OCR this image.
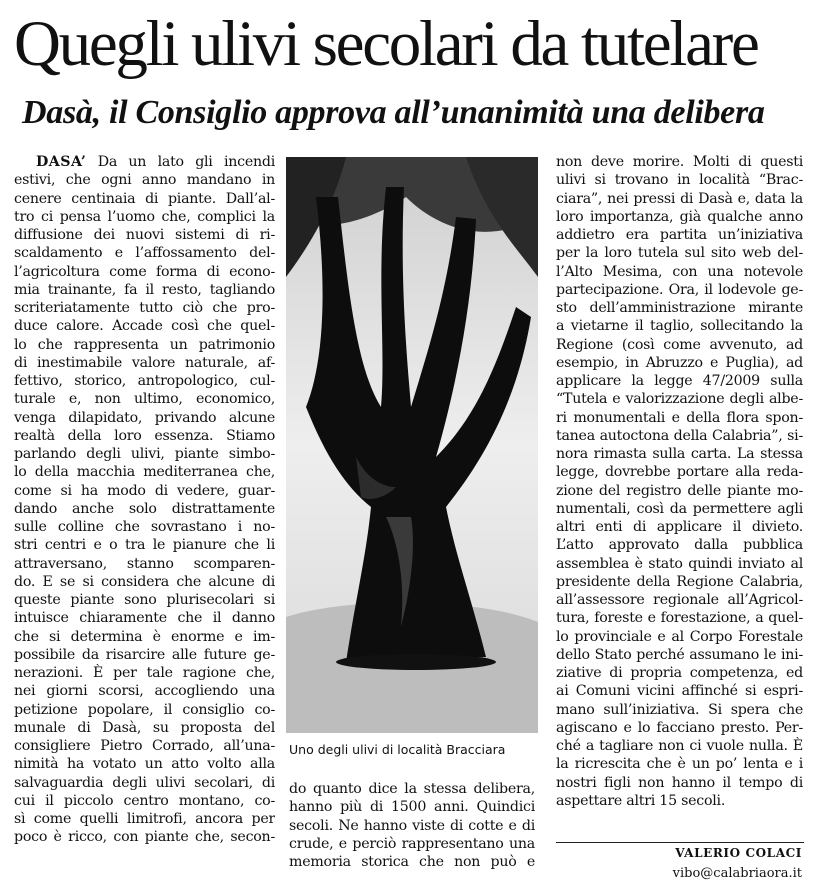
Quegli ulivi secolari da tutelare
Dasà, il Consiglio approva all’unanimità una delibera
DASA’ Da un lato gli incendi
estivi, che ogni anno mandano in
cenere centinaia di piante. Dall’al-
tro ci pensa l’uomo che, complici la
diffusione dei nuovi sistemi di ri-
scaldamento e l’affossamento del-
l’agricoltura come forma di econo-
mia trainante, fa il resto, tagliando
scriteriatamente tutto ciò che pro-
duce calore. Accade così che quel-
lo che rappresenta un patrimonio
di inestimabile valore naturale, af-
fettivo, storico, antropologico, cul-
turale e, non ultimo, economico,
venga dilapidato, privando alcune
realtà della loro essenza. Stiamo
parlando degli ulivi, piante simbo-
lo della macchia mediterranea che,
come si ha modo di vedere, guar-
dando anche solo distrattamente
sulle colline che sovrastano i no-
stri centri e o tra le pianure che li
attraversano, stanno scomparen-
do. E se si considera che alcune di
queste piante sono plurisecolari si
intuisce chiaramente che il danno
che si determina è enorme e im-
possibile da risarcire alle future ge-
nerazioni. È per tale ragione che,
nei giorni scorsi, accogliendo una
petizione popolare, il consiglio co-
munale di Dasà, su proposta del
consigliere Pietro Corrado, all’una-
nimità ha votato un atto volto alla
salvaguardia degli ulivi secolari, di
cui il piccolo centro montano, co-
sì come quelli limitrofi, ancora per
poco è ricco, con piante che, secon-
Uno degli ulivi di località Bracciara
do quanto dice la stessa delibera,
hanno più di 1500 anni. Quindici
secoli. Ne hanno viste di cotte e di
crude, e perciò rappresentano una
memoria storica che non può e
non deve morire. Molti di questi
ulivi si trovano in località “Brac-
ciara”, nei pressi di Dasà e, data la
loro importanza, già qualche anno
addietro era partita un’iniziativa
per la loro tutela sul sito web del-
l’Alto Mesima, con una notevole
partecipazione. Ora, il lodevole ge-
sto dell’amministrazione mirante
a vietarne il taglio, sollecitando la
Regione (così come avvenuto, ad
esempio, in Abruzzo e Puglia), ad
applicare la legge 47/2009 sulla
“Tutela e valorizzazione degli albe-
ri monumentali e della flora spon-
tanea autoctona della Calabria”, si-
nora rimasta sulla carta. La stessa
legge, dovrebbe portare alla reda-
zione del registro delle piante mo-
numentali, così da permettere agli
altri enti di applicare il divieto.
L’atto approvato dalla pubblica
assemblea è stato quindi inviato al
presidente della Regione Calabria,
all’assessore regionale all’Agricol-
tura, foreste e forestazione, a quel-
lo provinciale e al Corpo Forestale
dello Stato perché assumano le ini-
ziative di propria competenza, ed
ai Comuni vicini affinché si espri-
mano sull’iniziativa. Si spera che
agiscano e lo facciano presto. Per-
ché a tagliare non ci vuole nulla. È
la ricrescita che è un po’ lenta e i
nostri figli non hanno il tempo di
aspettare altri 15 secoli.
VALERIO COLACI
vibo@calabriaora.it
